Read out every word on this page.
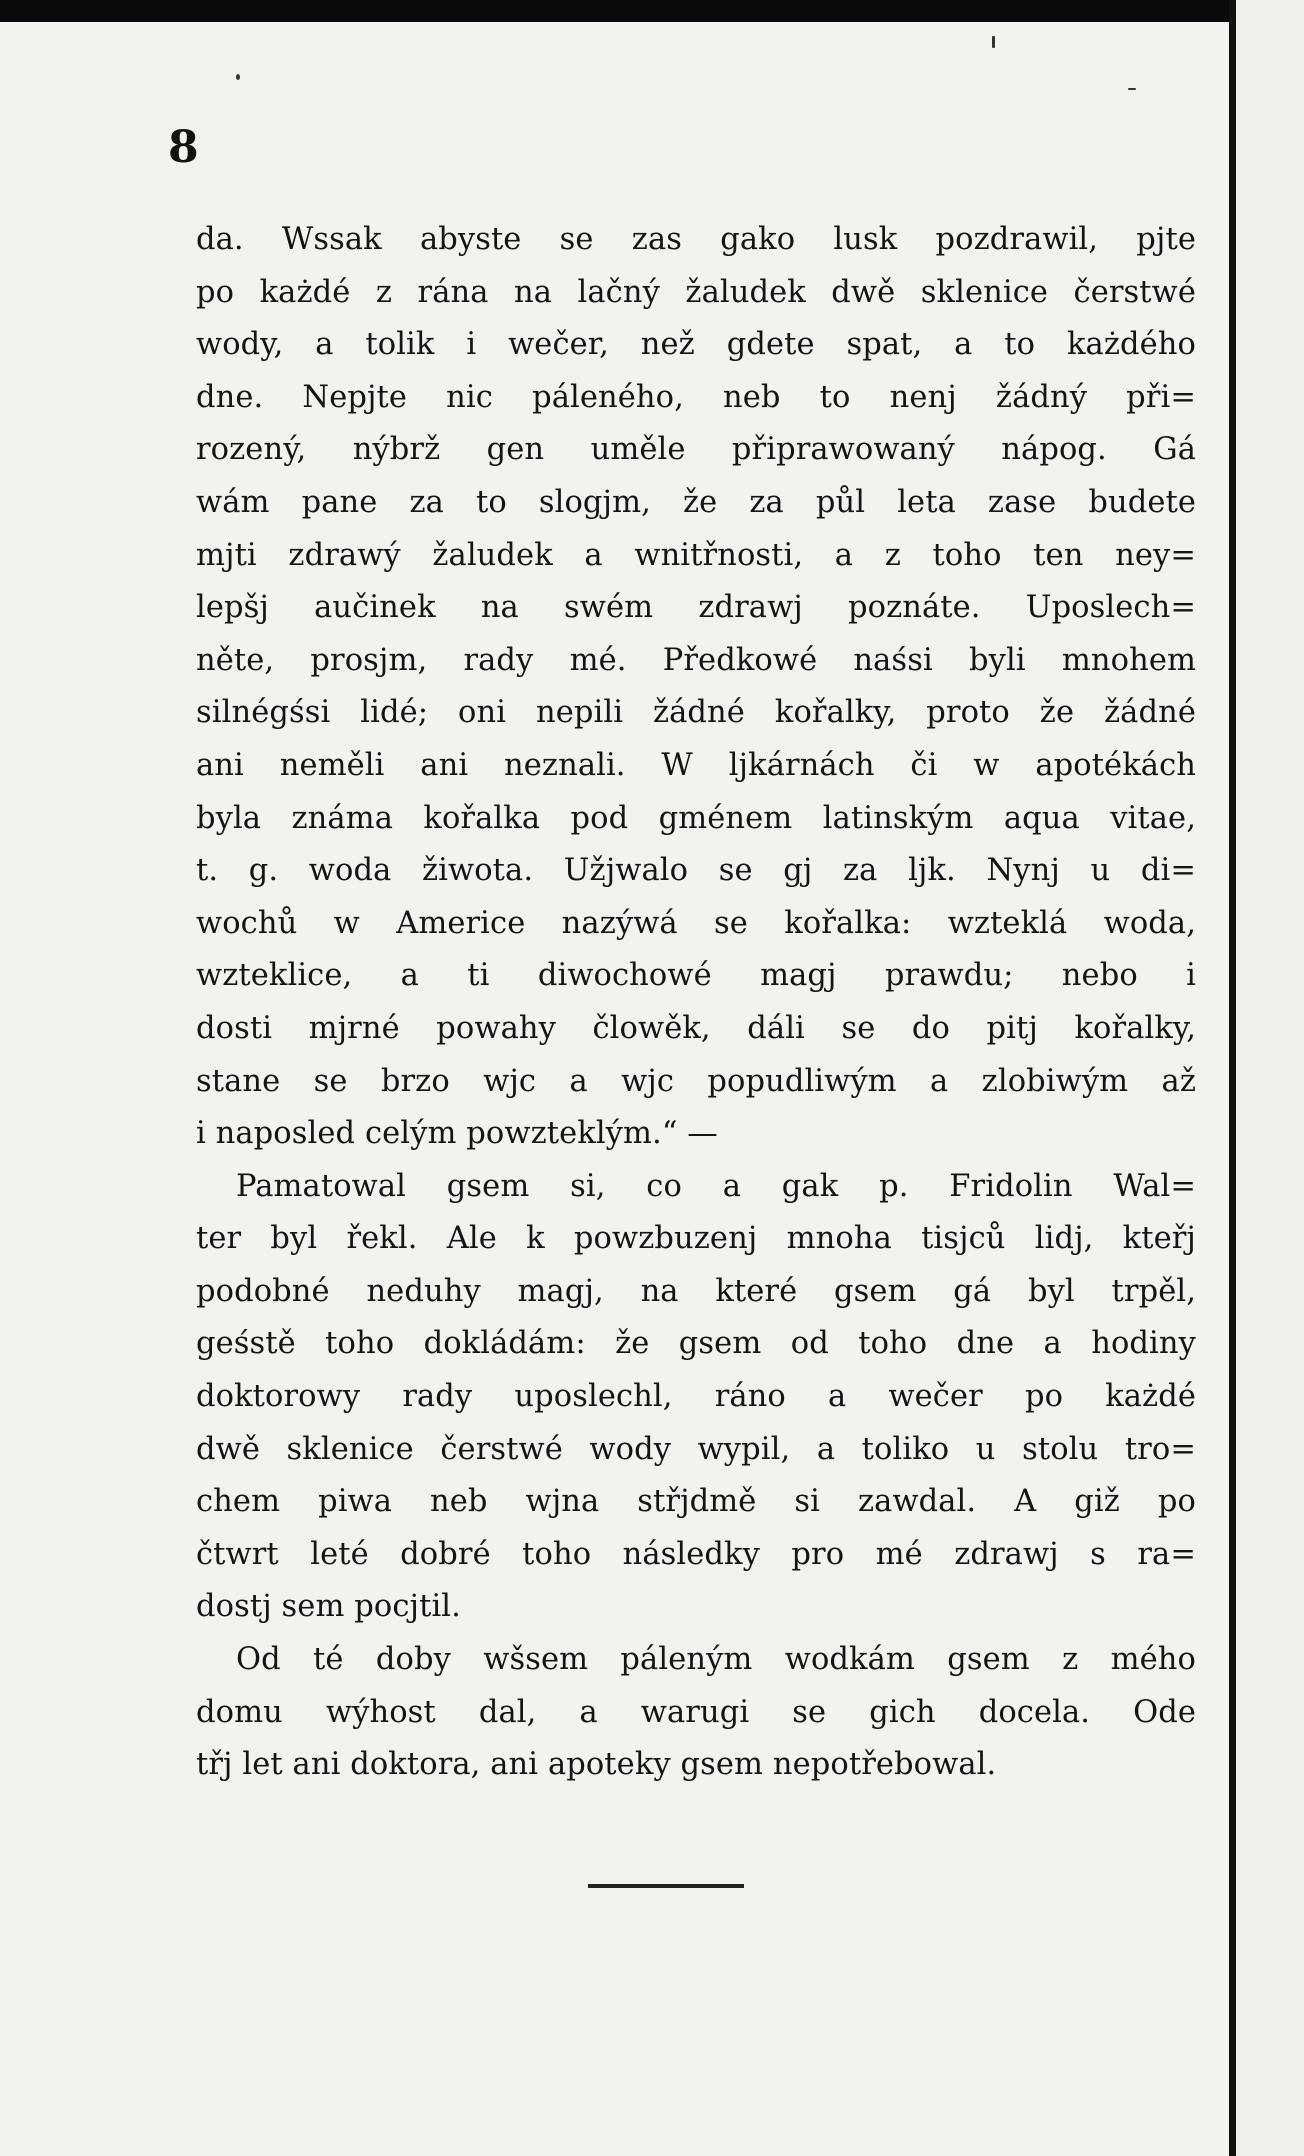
8
da. Wssak abyste se zas gako lusk pozdrawil, pjte
po każdé z rána na lačný žaludek dwě sklenice čerstwé
wody, a tolik i wečer, než gdete spat, a to każdého
dne. Nepjte nic páleného, neb to nenj žádný při=
rozený, nýbrž gen uměle připrawowaný nápog. Gá
wám pane za to slogjm, že za půl leta zase budete
mjti zdrawý žaludek a wnitřnosti, a z toho ten ney=
lepšj aučinek na swém zdrawj poznáte. Uposlech=
něte, prosjm, rady mé. Předkowé naśsi byli mnohem
silnégśsi lidé; oni nepili žádné kořalky, proto že žádné
ani neměli ani neznali. W ljkárnách či w apotékách
byla známa kořalka pod gménem latinským aqua vitae,
t. g. woda žiwota. Užjwalo se gj za ljk. Nynj u di=
wochů w Americe nazýwá se kořalka: wzteklá woda,
wzteklice, a ti diwochowé magj prawdu; nebo i
dosti mjrné powahy člowěk, dáli se do pitj kořalky,
stane se brzo wjc a wjc popudliwým a zlobiwým až
i naposled celým powzteklým.“ —
Pamatowal gsem si, co a gak p. Fridolin Wal=
ter byl řekl. Ale k powzbuzenj mnoha tisjců lidj, kteřj
podobné neduhy magj, na které gsem gá byl trpěl,
geśstě toho dokládám: že gsem od toho dne a hodiny
doktorowy rady uposlechl, ráno a wečer po każdé
dwě sklenice čerstwé wody wypil, a toliko u stolu tro=
chem piwa neb wjna střjdmě si zawdal. A giž po
čtwrt leté dobré toho následky pro mé zdrawj s ra=
dostj sem pocjtil.
Od té doby wšsem páleným wodkám gsem z mého
domu wýhost dal, a warugi se gich docela. Ode
třj let ani doktora, ani apoteky gsem nepotřebowal.
